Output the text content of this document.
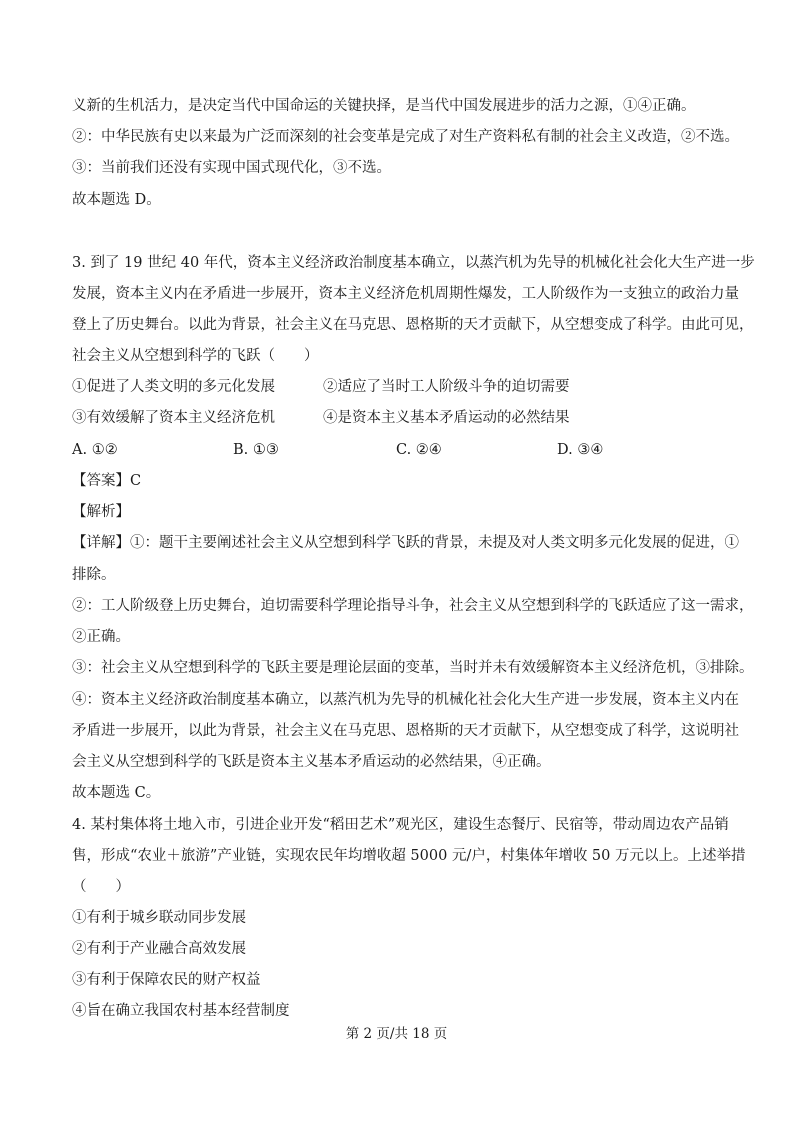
义新的生机活力，是决定当代中国命运的关键抉择，是当代中国发展进步的活力之源，①④正确。
②：中华民族有史以来最为广泛而深刻的社会变革是完成了对生产资料私有制的社会主义改造，②不选。
③：当前我们还没有实现中国式现代化，③不选。
故本题选 D。
3. 到了 19 世纪 40 年代，资本主义经济政治制度基本确立，以蒸汽机为先导的机械化社会化大生产进一步
发展，资本主义内在矛盾进一步展开，资本主义经济危机周期性爆发，工人阶级作为一支独立的政治力量
登上了历史舞台。以此为背景，社会主义在马克思、恩格斯的天才贡献下，从空想变成了科学。由此可见，
社会主义从空想到科学的飞跃（　　）
①促进了人类文明的多元化发展	②适应了当时工人阶级斗争的迫切需要
③有效缓解了资本主义经济危机	④是资本主义基本矛盾运动的必然结果
A. ①②	B. ①③	C. ②④	D. ③④
【答案】C
【解析】
【详解】①：题干主要阐述社会主义从空想到科学飞跃的背景，未提及对人类文明多元化发展的促进，①
排除。
②：工人阶级登上历史舞台，迫切需要科学理论指导斗争，社会主义从空想到科学的飞跃适应了这一需求，
②正确。
③：社会主义从空想到科学的飞跃主要是理论层面的变革，当时并未有效缓解资本主义经济危机，③排除。
④：资本主义经济政治制度基本确立，以蒸汽机为先导的机械化社会化大生产进一步发展，资本主义内在
矛盾进一步展开，以此为背景，社会主义在马克思、恩格斯的天才贡献下，从空想变成了科学，这说明社
会主义从空想到科学的飞跃是资本主义基本矛盾运动的必然结果，④正确。
故本题选 C。
4. 某村集体将土地入市，引进企业开发“稻田艺术”观光区，建设生态餐厅、民宿等，带动周边农产品销
售，形成“农业＋旅游”产业链，实现农民年均增收超 5000 元/户，村集体年增收 50 万元以上。上述举措
（　　）
①有利于城乡联动同步发展
②有利于产业融合高效发展
③有利于保障农民的财产权益
④旨在确立我国农村基本经营制度
第 2 页/共 18 页
